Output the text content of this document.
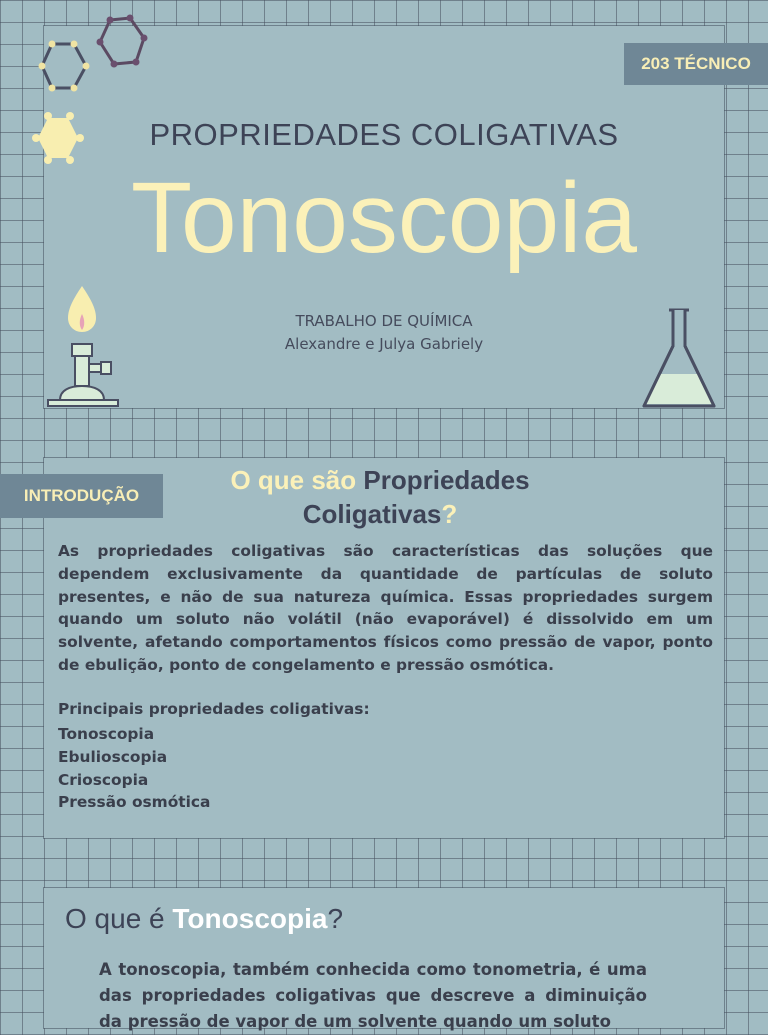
203 TÉCNICO
PROPRIEDADES COLIGATIVAS
Tonoscopia
TRABALHO DE QUÍMICA
Alexandre e Julya Gabriely
INTRODUÇÃO
O que são Propriedades Coligativas?
As propriedades coligativas são características das soluções que dependem exclusivamente da quantidade de partículas de soluto presentes, e não de sua natureza química. Essas propriedades surgem quando um soluto não volátil (não evaporável) é dissolvido em um solvente, afetando comportamentos físicos como pressão de vapor, ponto de ebulição, ponto de congelamento e pressão osmótica.
Principais propriedades coligativas:
Tonoscopia
Ebulioscopia
Crioscopia
Pressão osmótica
O que é Tonoscopia?
A tonoscopia, também conhecida como tonometria, é uma das propriedades coligativas que descreve a diminuição da pressão de vapor de um solvente quando um soluto
